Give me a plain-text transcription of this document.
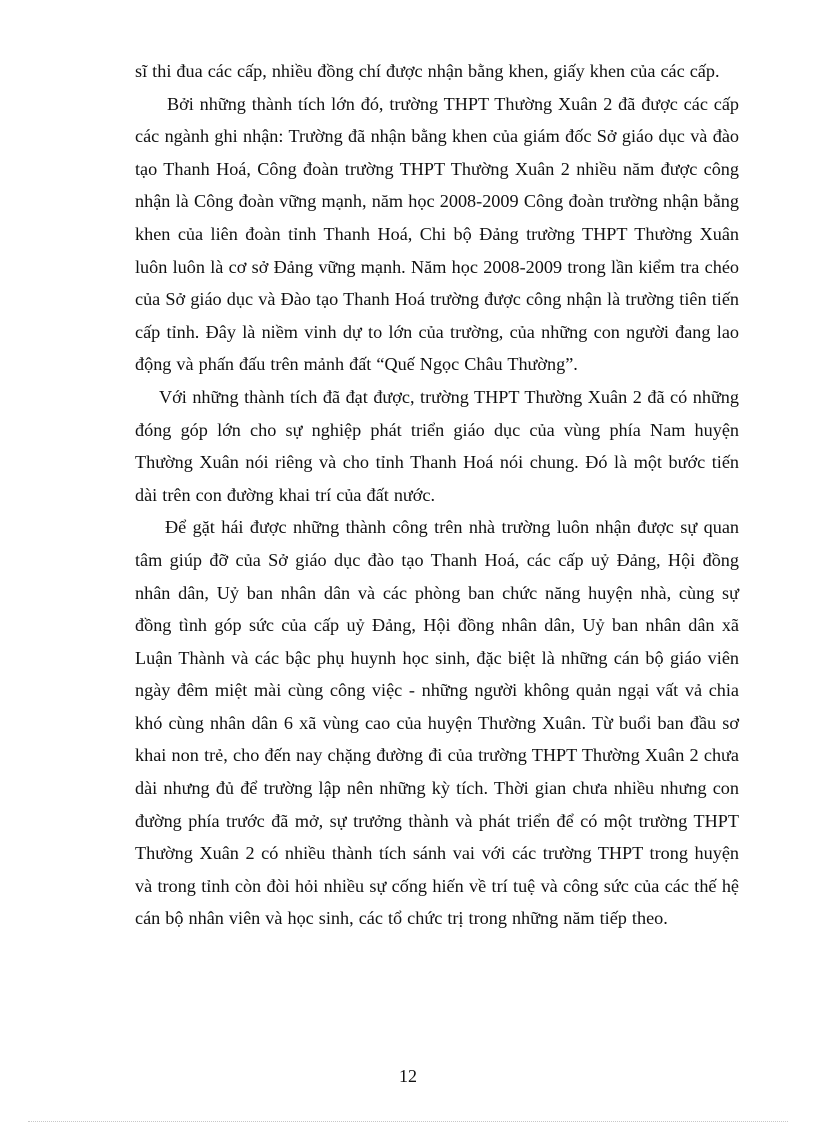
sĩ thi đua các cấp, nhiều đồng chí được nhận bằng khen, giấy khen của các cấp.

Bởi những thành tích lớn đó, trường THPT Thường Xuân 2 đã được các cấp các ngành ghi nhận: Trường đã nhận bằng khen của giám đốc Sở giáo dục và đào tạo Thanh Hoá, Công đoàn trường THPT Thường Xuân 2 nhiều năm được công nhận là Công đoàn vững mạnh, năm học 2008-2009 Công đoàn trường nhận bằng khen của liên đoàn tỉnh Thanh Hoá, Chi bộ Đảng trường THPT Thường Xuân luôn luôn là cơ sở Đảng vững mạnh. Năm học 2008-2009 trong lần kiểm tra chéo của Sở giáo dục và Đào tạo Thanh Hoá trường được công nhận là trường tiên tiến cấp tỉnh. Đây là niềm vinh dự to lớn của trường, của những con người đang lao động và phấn đấu trên mảnh đất “Quế Ngọc Châu Thường”.

Với những thành tích đã đạt được, trường THPT Thường Xuân 2 đã có những đóng góp lớn cho sự nghiệp phát triển giáo dục của vùng phía Nam huyện Thường Xuân nói riêng và cho tỉnh Thanh Hoá nói chung. Đó là một bước tiến dài trên con đường khai trí của đất nước.

Để gặt hái được những thành công trên nhà trường luôn nhận được sự quan tâm giúp đỡ của Sở giáo dục đào tạo Thanh Hoá, các cấp uỷ Đảng, Hội đồng nhân dân, Uỷ ban nhân dân và các phòng ban chức năng huyện nhà, cùng sự đồng tình góp sức của cấp uỷ Đảng, Hội đồng nhân dân, Uỷ ban nhân dân xã Luận Thành và các bậc phụ huynh học sinh, đặc biệt là những cán bộ giáo viên ngày đêm miệt mài cùng công việc - những người không quản ngại vất vả chia khó cùng nhân dân 6 xã vùng cao của huyện Thường Xuân. Từ buổi ban đầu sơ khai non trẻ, cho đến nay chặng đường đi của trường THPT Thường Xuân 2 chưa dài nhưng đủ để trường lập nên những kỳ tích. Thời gian chưa nhiều nhưng con đường phía trước đã mở, sự trưởng thành và phát triển để có một trường THPT Thường Xuân 2 có nhiều thành tích sánh vai với các trường THPT trong huyện và trong tỉnh còn đòi hỏi nhiều sự cống hiến về trí tuệ và công sức của các thế hệ cán bộ nhân viên và học sinh, các tổ chức trị trong những năm tiếp theo.

12
